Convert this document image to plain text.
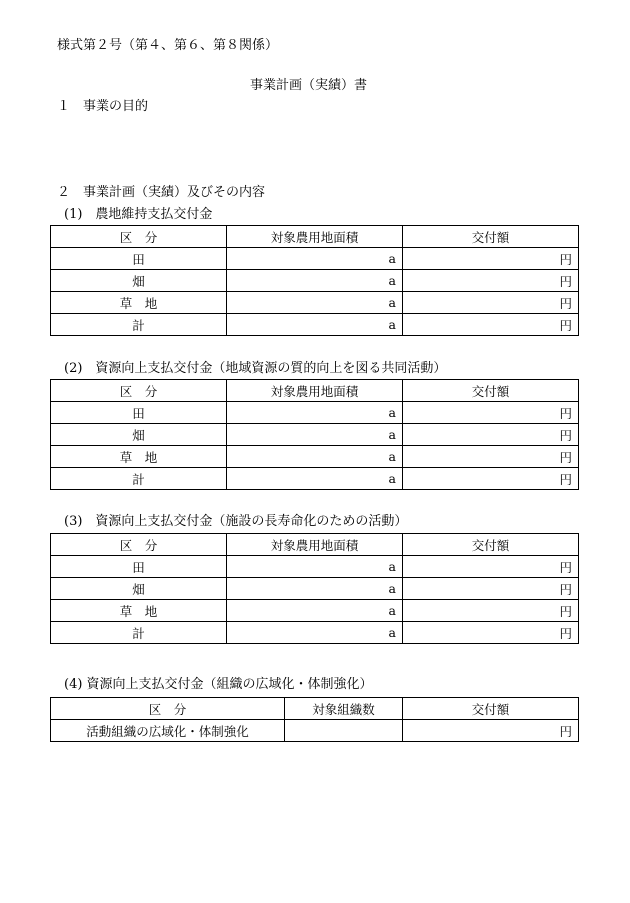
様式第２号（第４、第６、第８関係）
事業計画（実績）書
１　事業の目的
２　事業計画（実績）及びその内容
(1)　農地維持支払交付金
区　分	対象農用地面積	交付額
田	a	円
畑	a	円
草　地	a	円
計	a	円
(2)　資源向上支払交付金（地域資源の質的向上を図る共同活動）
区　分	対象農用地面積	交付額
田	a	円
畑	a	円
草　地	a	円
計	a	円
(3)　資源向上支払交付金（施設の長寿命化のための活動）
区　分	対象農用地面積	交付額
田	a	円
畑	a	円
草　地	a	円
計	a	円
(4) 資源向上支払交付金（組織の広域化・体制強化）
区　分	対象組織数	交付額
活動組織の広域化・体制強化		円
